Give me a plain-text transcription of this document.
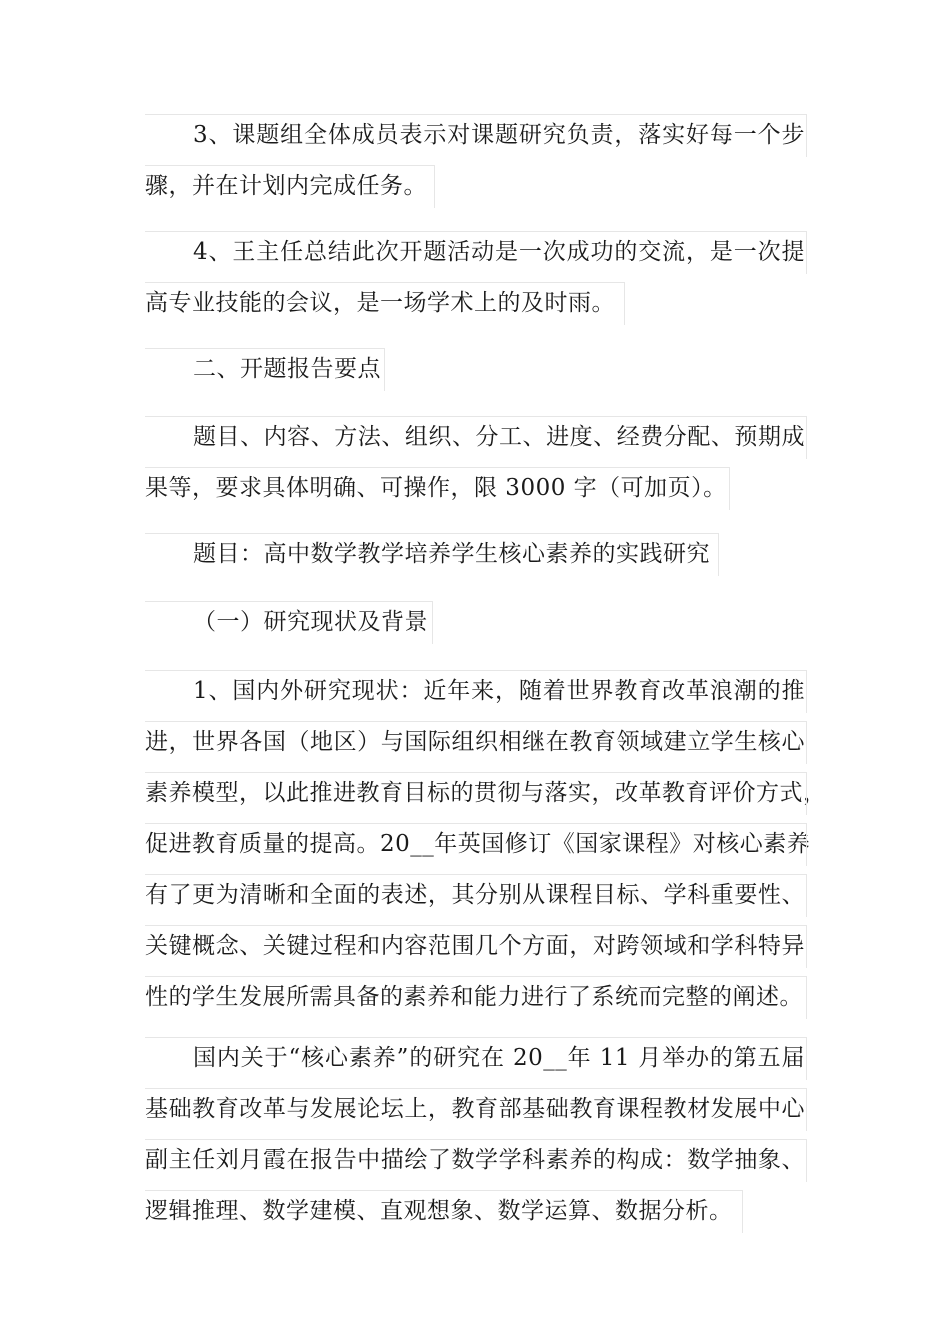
3、课题组全体成员表示对课题研究负责，落实好每一个步
骤，并在计划内完成任务。
4、王主任总结此次开题活动是一次成功的交流，是一次提
高专业技能的会议，是一场学术上的及时雨。
二、开题报告要点
题目、内容、方法、组织、分工、进度、经费分配、预期成
果等，要求具体明确、可操作，限 3000 字（可加页）。
题目：高中数学教学培养学生核心素养的实践研究
（一）研究现状及背景
1、国内外研究现状：近年来，随着世界教育改革浪潮的推
进，世界各国（地区）与国际组织相继在教育领域建立学生核心
素养模型，以此推进教育目标的贯彻与落实，改革教育评价方式，
促进教育质量的提高。20__年英国修订《国家课程》对核心素养
有了更为清晰和全面的表述，其分别从课程目标、学科重要性、
关键概念、关键过程和内容范围几个方面，对跨领域和学科特异
性的学生发展所需具备的素养和能力进行了系统而完整的阐述。
国内关于“核心素养”的研究在 20__年 11 月举办的第五届
基础教育改革与发展论坛上，教育部基础教育课程教材发展中心
副主任刘月霞在报告中描绘了数学学科素养的构成：数学抽象、
逻辑推理、数学建模、直观想象、数学运算、数据分析。
